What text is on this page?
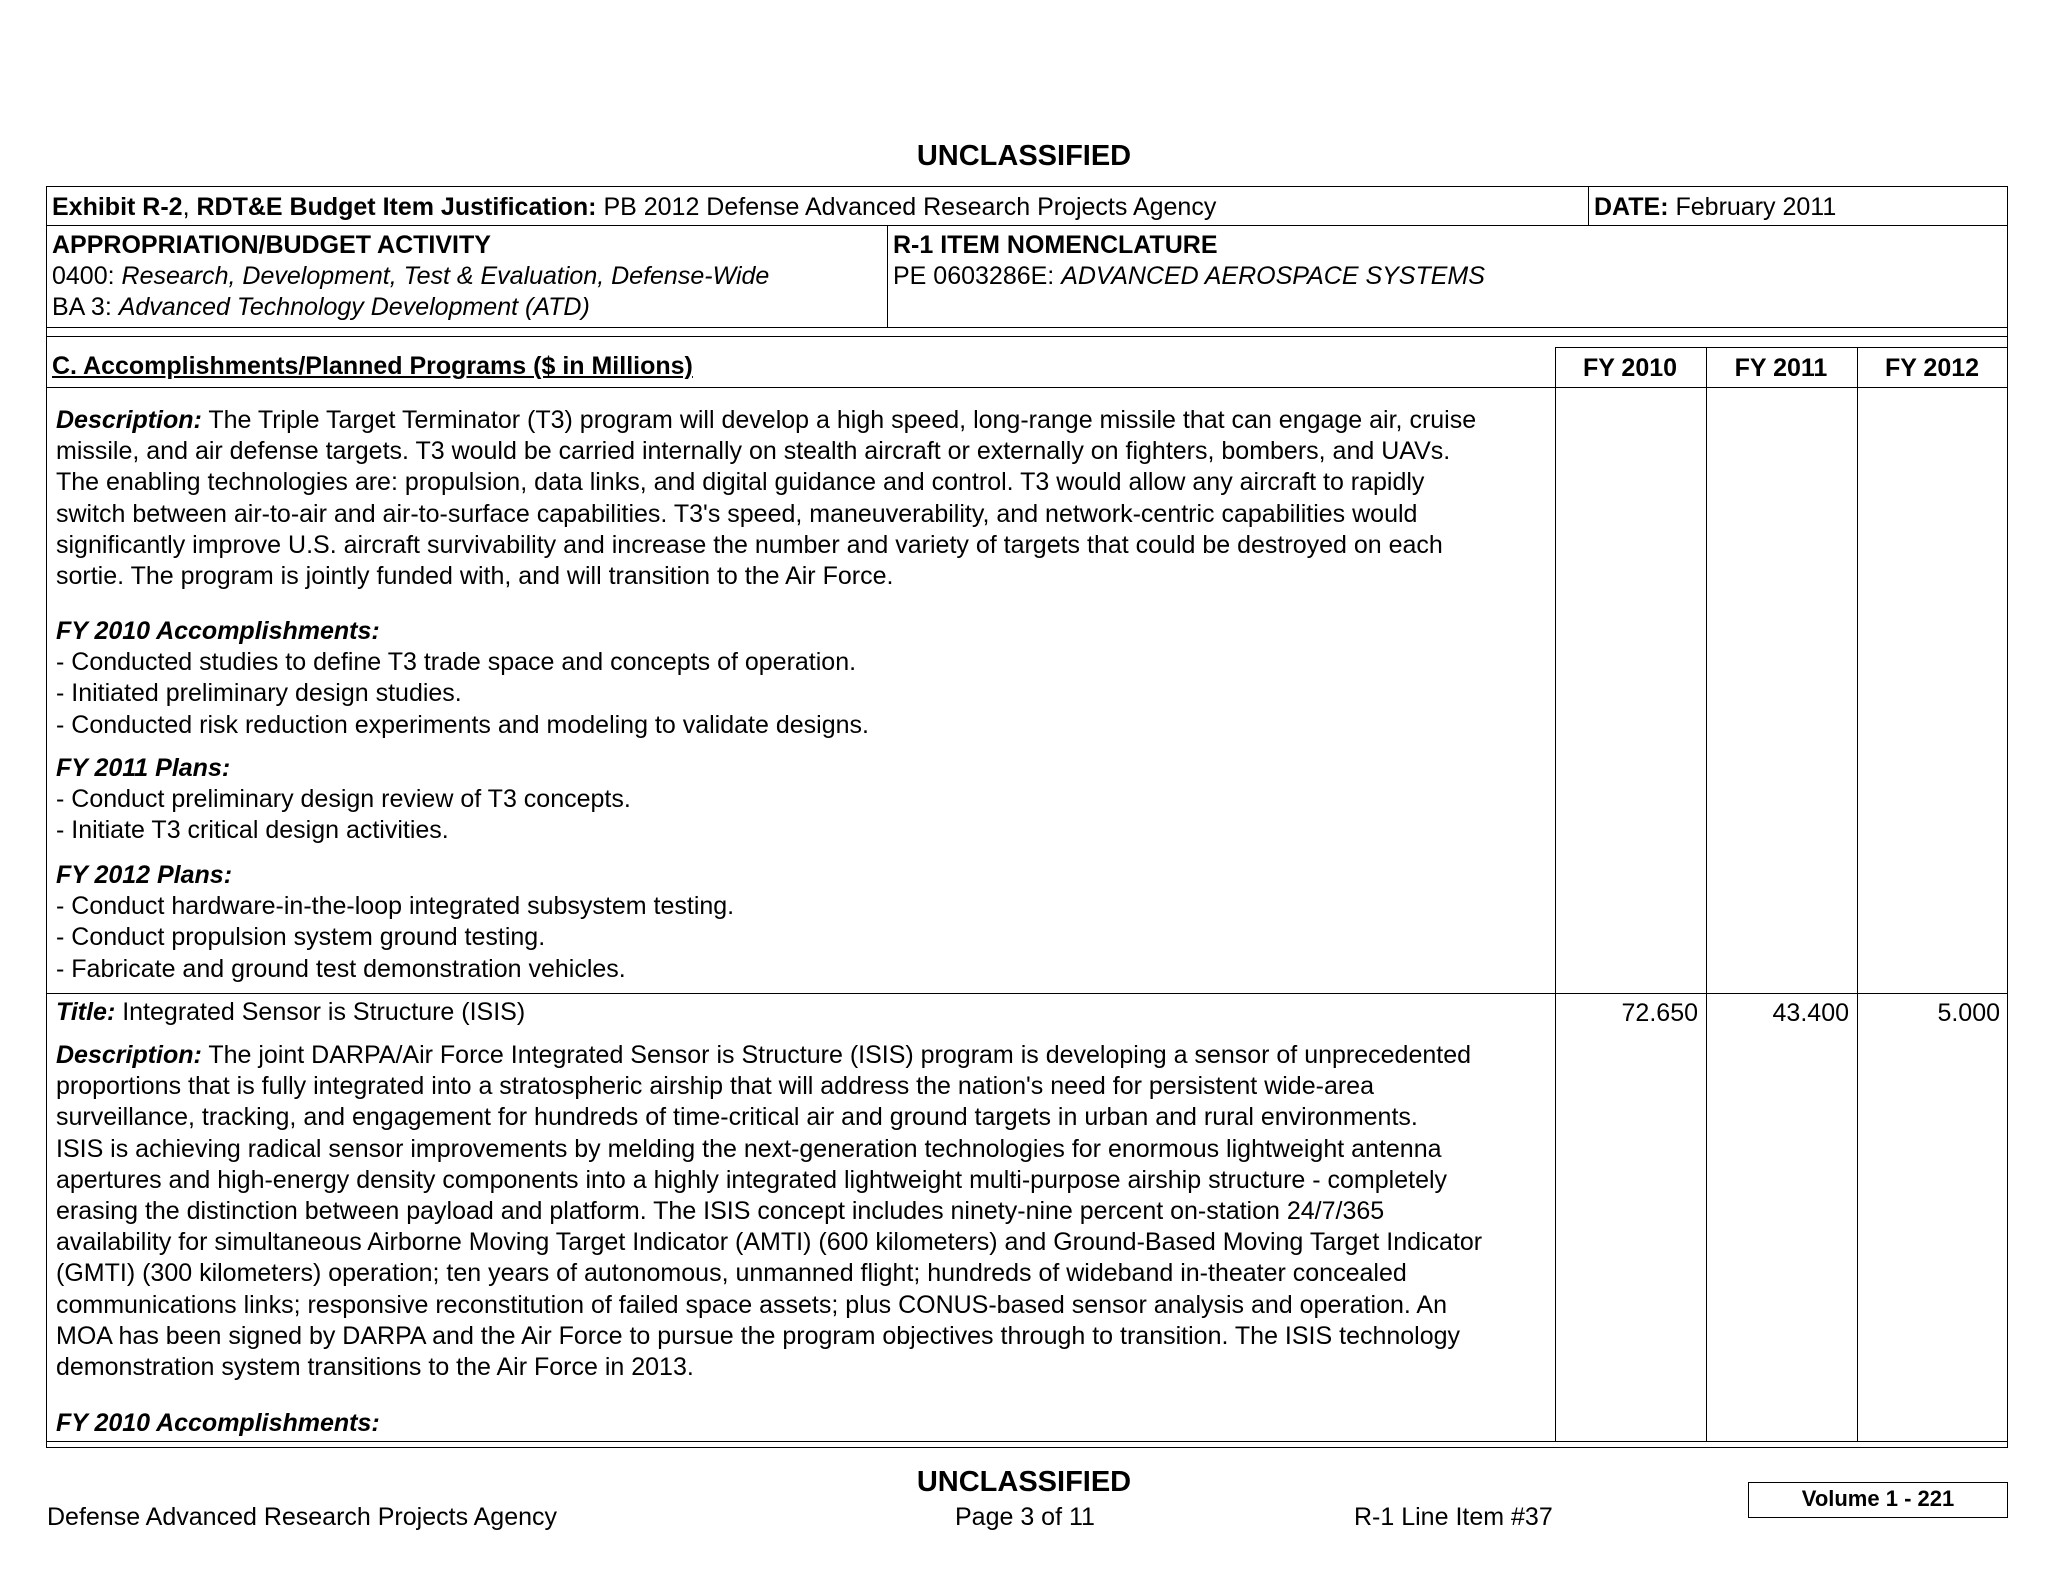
UNCLASSIFIED
Exhibit R-2, RDT&E Budget Item Justification: PB 2012 Defense Advanced Research Projects Agency	DATE: February 2011
APPROPRIATION/BUDGET ACTIVITY
0400: Research, Development, Test & Evaluation, Defense-Wide
BA 3: Advanced Technology Development (ATD)
R-1 ITEM NOMENCLATURE
PE 0603286E: ADVANCED AEROSPACE SYSTEMS
C. Accomplishments/Planned Programs ($ in Millions)	FY 2010	FY 2011	FY 2012
Description: The Triple Target Terminator (T3) program will develop a high speed, long-range missile that can engage air, cruise
missile, and air defense targets. T3 would be carried internally on stealth aircraft or externally on fighters, bombers, and UAVs.
The enabling technologies are: propulsion, data links, and digital guidance and control. T3 would allow any aircraft to rapidly
switch between air-to-air and air-to-surface capabilities. T3's speed, maneuverability, and network-centric capabilities would
significantly improve U.S. aircraft survivability and increase the number and variety of targets that could be destroyed on each
sortie. The program is jointly funded with, and will transition to the Air Force.
FY 2010 Accomplishments:
- Conducted studies to define T3 trade space and concepts of operation.
- Initiated preliminary design studies.
- Conducted risk reduction experiments and modeling to validate designs.
FY 2011 Plans:
- Conduct preliminary design review of T3 concepts.
- Initiate T3 critical design activities.
FY 2012 Plans:
- Conduct hardware-in-the-loop integrated subsystem testing.
- Conduct propulsion system ground testing.
- Fabricate and ground test demonstration vehicles.
Title: Integrated Sensor is Structure (ISIS)	72.650	43.400	5.000
Description: The joint DARPA/Air Force Integrated Sensor is Structure (ISIS) program is developing a sensor of unprecedented
proportions that is fully integrated into a stratospheric airship that will address the nation's need for persistent wide-area
surveillance, tracking, and engagement for hundreds of time-critical air and ground targets in urban and rural environments.
ISIS is achieving radical sensor improvements by melding the next-generation technologies for enormous lightweight antenna
apertures and high-energy density components into a highly integrated lightweight multi-purpose airship structure - completely
erasing the distinction between payload and platform. The ISIS concept includes ninety-nine percent on-station 24/7/365
availability for simultaneous Airborne Moving Target Indicator (AMTI) (600 kilometers) and Ground-Based Moving Target Indicator
(GMTI) (300 kilometers) operation; ten years of autonomous, unmanned flight; hundreds of wideband in-theater concealed
communications links; responsive reconstitution of failed space assets; plus CONUS-based sensor analysis and operation. An
MOA has been signed by DARPA and the Air Force to pursue the program objectives through to transition. The ISIS technology
demonstration system transitions to the Air Force in 2013.
FY 2010 Accomplishments:
UNCLASSIFIED
Defense Advanced Research Projects Agency	Page 3 of 11	R-1 Line Item #37
Volume 1 - 221
